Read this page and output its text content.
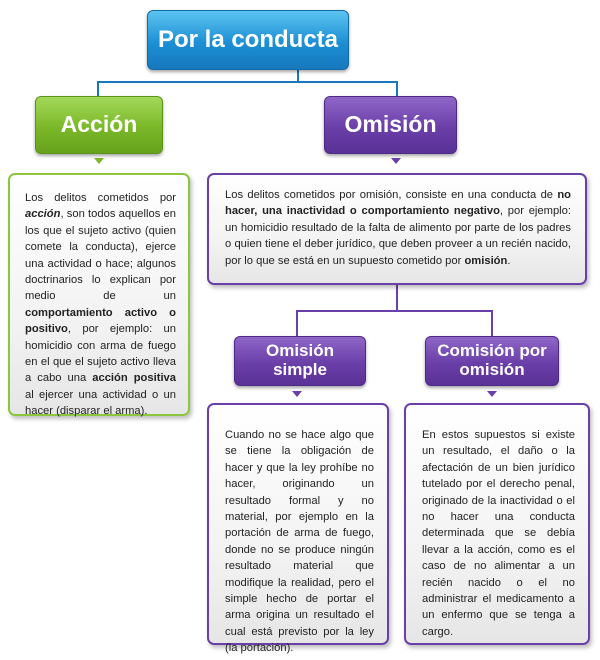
Por la conducta
Acción	Omisión
Omisión simple
Comisión por omisión

Los delitos cometidos por acción, son todos aquellos en los que el sujeto activo (quien comete la conducta), ejerce una actividad o hace; algunos doctrinarios lo explican por medio de un comportamiento activo o positivo, por ejemplo: un homicidio con arma de fuego en el que el sujeto activo lleva a cabo una acción positiva al ejercer una actividad o un hacer (disparar el arma).

Los delitos cometidos por omisión, consiste en una conducta de no hacer, una inactividad o comportamiento negativo, por ejemplo: un homicidio resultado de la falta de alimento por parte de los padres o quien tiene el deber jurídico, que deben proveer a un recién nacido, por lo que se está en un supuesto cometido por omisión.

Cuando no se hace algo que se tiene la obligación de hacer y que la ley prohíbe no hacer, originando un resultado formal y no material, por ejemplo en la portación de arma de fuego, donde no se produce ningún resultado material que modifique la realidad, pero el simple hecho de portar el arma origina un resultado el cual está previsto por la ley (la portación).

En estos supuestos si existe un resultado, el daño o la afectación de un bien jurídico tutelado por el derecho penal, originado de la inactividad o el no hacer una conducta determinada que se debía llevar a la acción, como es el caso de no alimentar a un recién nacido o el no administrar el medicamento a un enfermo que se tenga a cargo.
